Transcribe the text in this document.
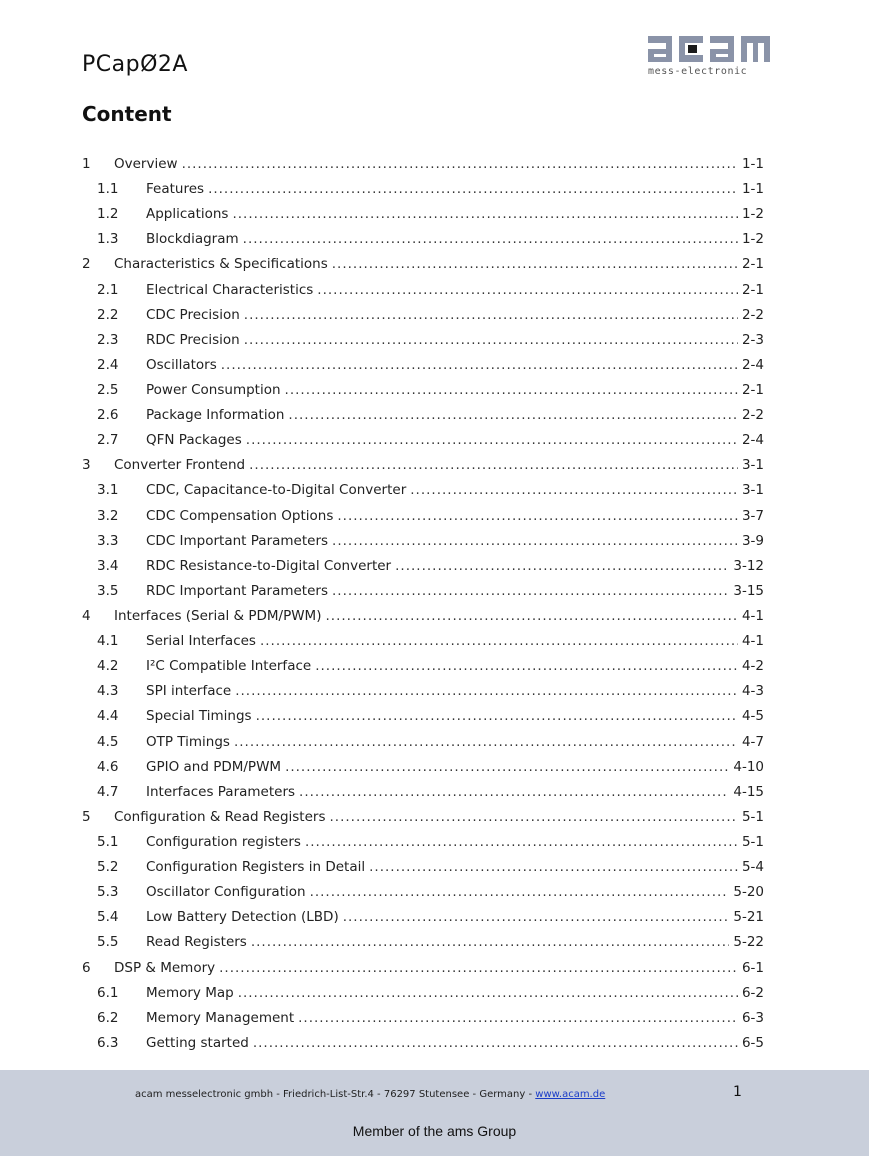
PCapØ2A	mess-electronic
Content
1	Overview .....	1-1
1.1	Features .....	1-1
1.2	Applications .....	1-2
1.3	Blockdiagram .....	1-2
2	Characteristics & Specifications .....	2-1
2.1	Electrical Characteristics .....	2-1
2.2	CDC Precision .....	2-2
2.3	RDC Precision .....	2-3
2.4	Oscillators .....	2-4
2.5	Power Consumption .....	2-1
2.6	Package Information .....	2-2
2.7	QFN Packages .....	2-4
3	Converter Frontend .....	3-1
3.1	CDC, Capacitance-to-Digital Converter .....	3-1
3.2	CDC Compensation Options .....	3-7
3.3	CDC Important Parameters .....	3-9
3.4	RDC Resistance-to-Digital Converter .....	3-12
3.5	RDC Important Parameters .....	3-15
4	Interfaces (Serial & PDM/PWM) .....	4-1
4.1	Serial Interfaces .....	4-1
4.2	I²C Compatible Interface .....	4-2
4.3	SPI interface .....	4-3
4.4	Special Timings .....	4-5
4.5	OTP Timings .....	4-7
4.6	GPIO and PDM/PWM .....	4-10
4.7	Interfaces Parameters .....	4-15
5	Configuration & Read Registers .....	5-1
5.1	Configuration registers .....	5-1
5.2	Configuration Registers in Detail .....	5-4
5.3	Oscillator Configuration .....	5-20
5.4	Low Battery Detection (LBD) .....	5-21
5.5	Read Registers .....	5-22
6	DSP & Memory .....	6-1
6.1	Memory Map .....	6-2
6.2	Memory Management .....	6-3
6.3	Getting started .....	6-5
acam messelectronic gmbh - Friedrich-List-Str.4 - 76297 Stutensee - Germany - www.acam.de	1
Member of the ams Group
